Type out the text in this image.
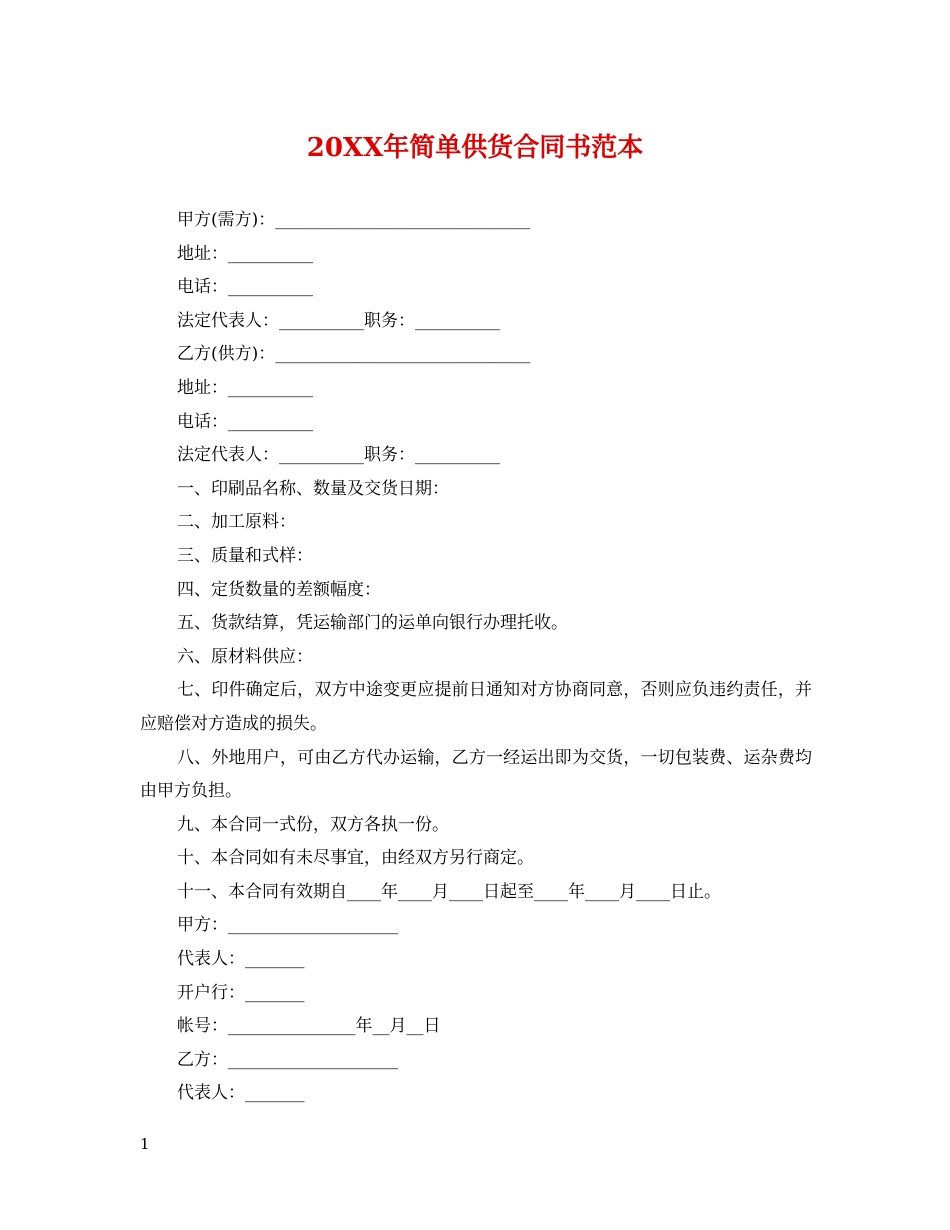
20XX年简单供货合同书范本

甲方(需方)：______________________________

地址：__________

电话：__________

法定代表人：__________职务：__________

乙方(供方)：______________________________

地址：__________

电话：__________

法定代表人：__________职务：__________

一、印刷品名称、数量及交货日期：

二、加工原料：

三、质量和式样：

四、定货数量的差额幅度：

五、货款结算，凭运输部门的运单向银行办理托收。

六、原材料供应：

七、印件确定后，双方中途变更应提前日通知对方协商同意，否则应负违约责任，并应赔偿对方造成的损失。

八、外地用户，可由乙方代办运输，乙方一经运出即为交货，一切包装费、运杂费均由甲方负担。

九、本合同一式份，双方各执一份。

十、本合同如有未尽事宜，由经双方另行商定。

十一、本合同有效期自____年____月____日起至____年____月____日止。

甲方：____________________

代表人：_______

开户行：_______

帐号：_______________年__月__日

乙方：____________________

代表人：_______

1
